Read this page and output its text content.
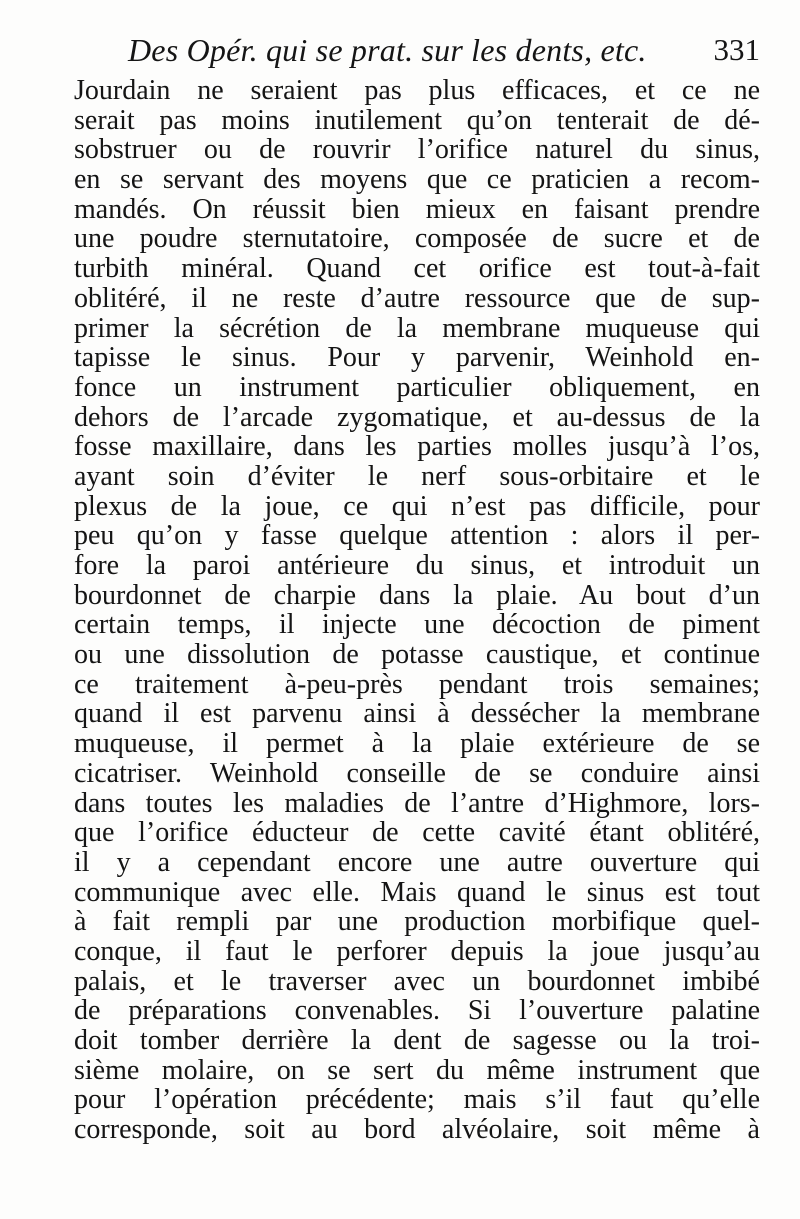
Des Opér. qui se prat. sur les dents, etc. 331
Jourdain ne seraient pas plus efficaces, et ce ne
serait pas moins inutilement qu’on tenterait de dé-
sobstruer ou de rouvrir l’orifice naturel du sinus,
en se servant des moyens que ce praticien a recom-
mandés. On réussit bien mieux en faisant prendre
une poudre sternutatoire, composée de sucre et de
turbith minéral. Quand cet orifice est tout-à-fait
oblitéré, il ne reste d’autre ressource que de sup-
primer la sécrétion de la membrane muqueuse qui
tapisse le sinus. Pour y parvenir, Weinhold en-
fonce un instrument particulier obliquement, en
dehors de l’arcade zygomatique, et au-dessus de la
fosse maxillaire, dans les parties molles jusqu’à l’os,
ayant soin d’éviter le nerf sous-orbitaire et le
plexus de la joue, ce qui n’est pas difficile, pour
peu qu’on y fasse quelque attention : alors il per-
fore la paroi antérieure du sinus, et introduit un
bourdonnet de charpie dans la plaie. Au bout d’un
certain temps, il injecte une décoction de piment
ou une dissolution de potasse caustique, et continue
ce traitement à-peu-près pendant trois semaines;
quand il est parvenu ainsi à dessécher la membrane
muqueuse, il permet à la plaie extérieure de se
cicatriser. Weinhold conseille de se conduire ainsi
dans toutes les maladies de l’antre d’Highmore, lors-
que l’orifice éducteur de cette cavité étant oblitéré,
il y a cependant encore une autre ouverture qui
communique avec elle. Mais quand le sinus est tout
à fait rempli par une production morbifique quel-
conque, il faut le perforer depuis la joue jusqu’au
palais, et le traverser avec un bourdonnet imbibé
de préparations convenables. Si l’ouverture palatine
doit tomber derrière la dent de sagesse ou la troi-
sième molaire, on se sert du même instrument que
pour l’opération précédente; mais s’il faut qu’elle
corresponde, soit au bord alvéolaire, soit même à
